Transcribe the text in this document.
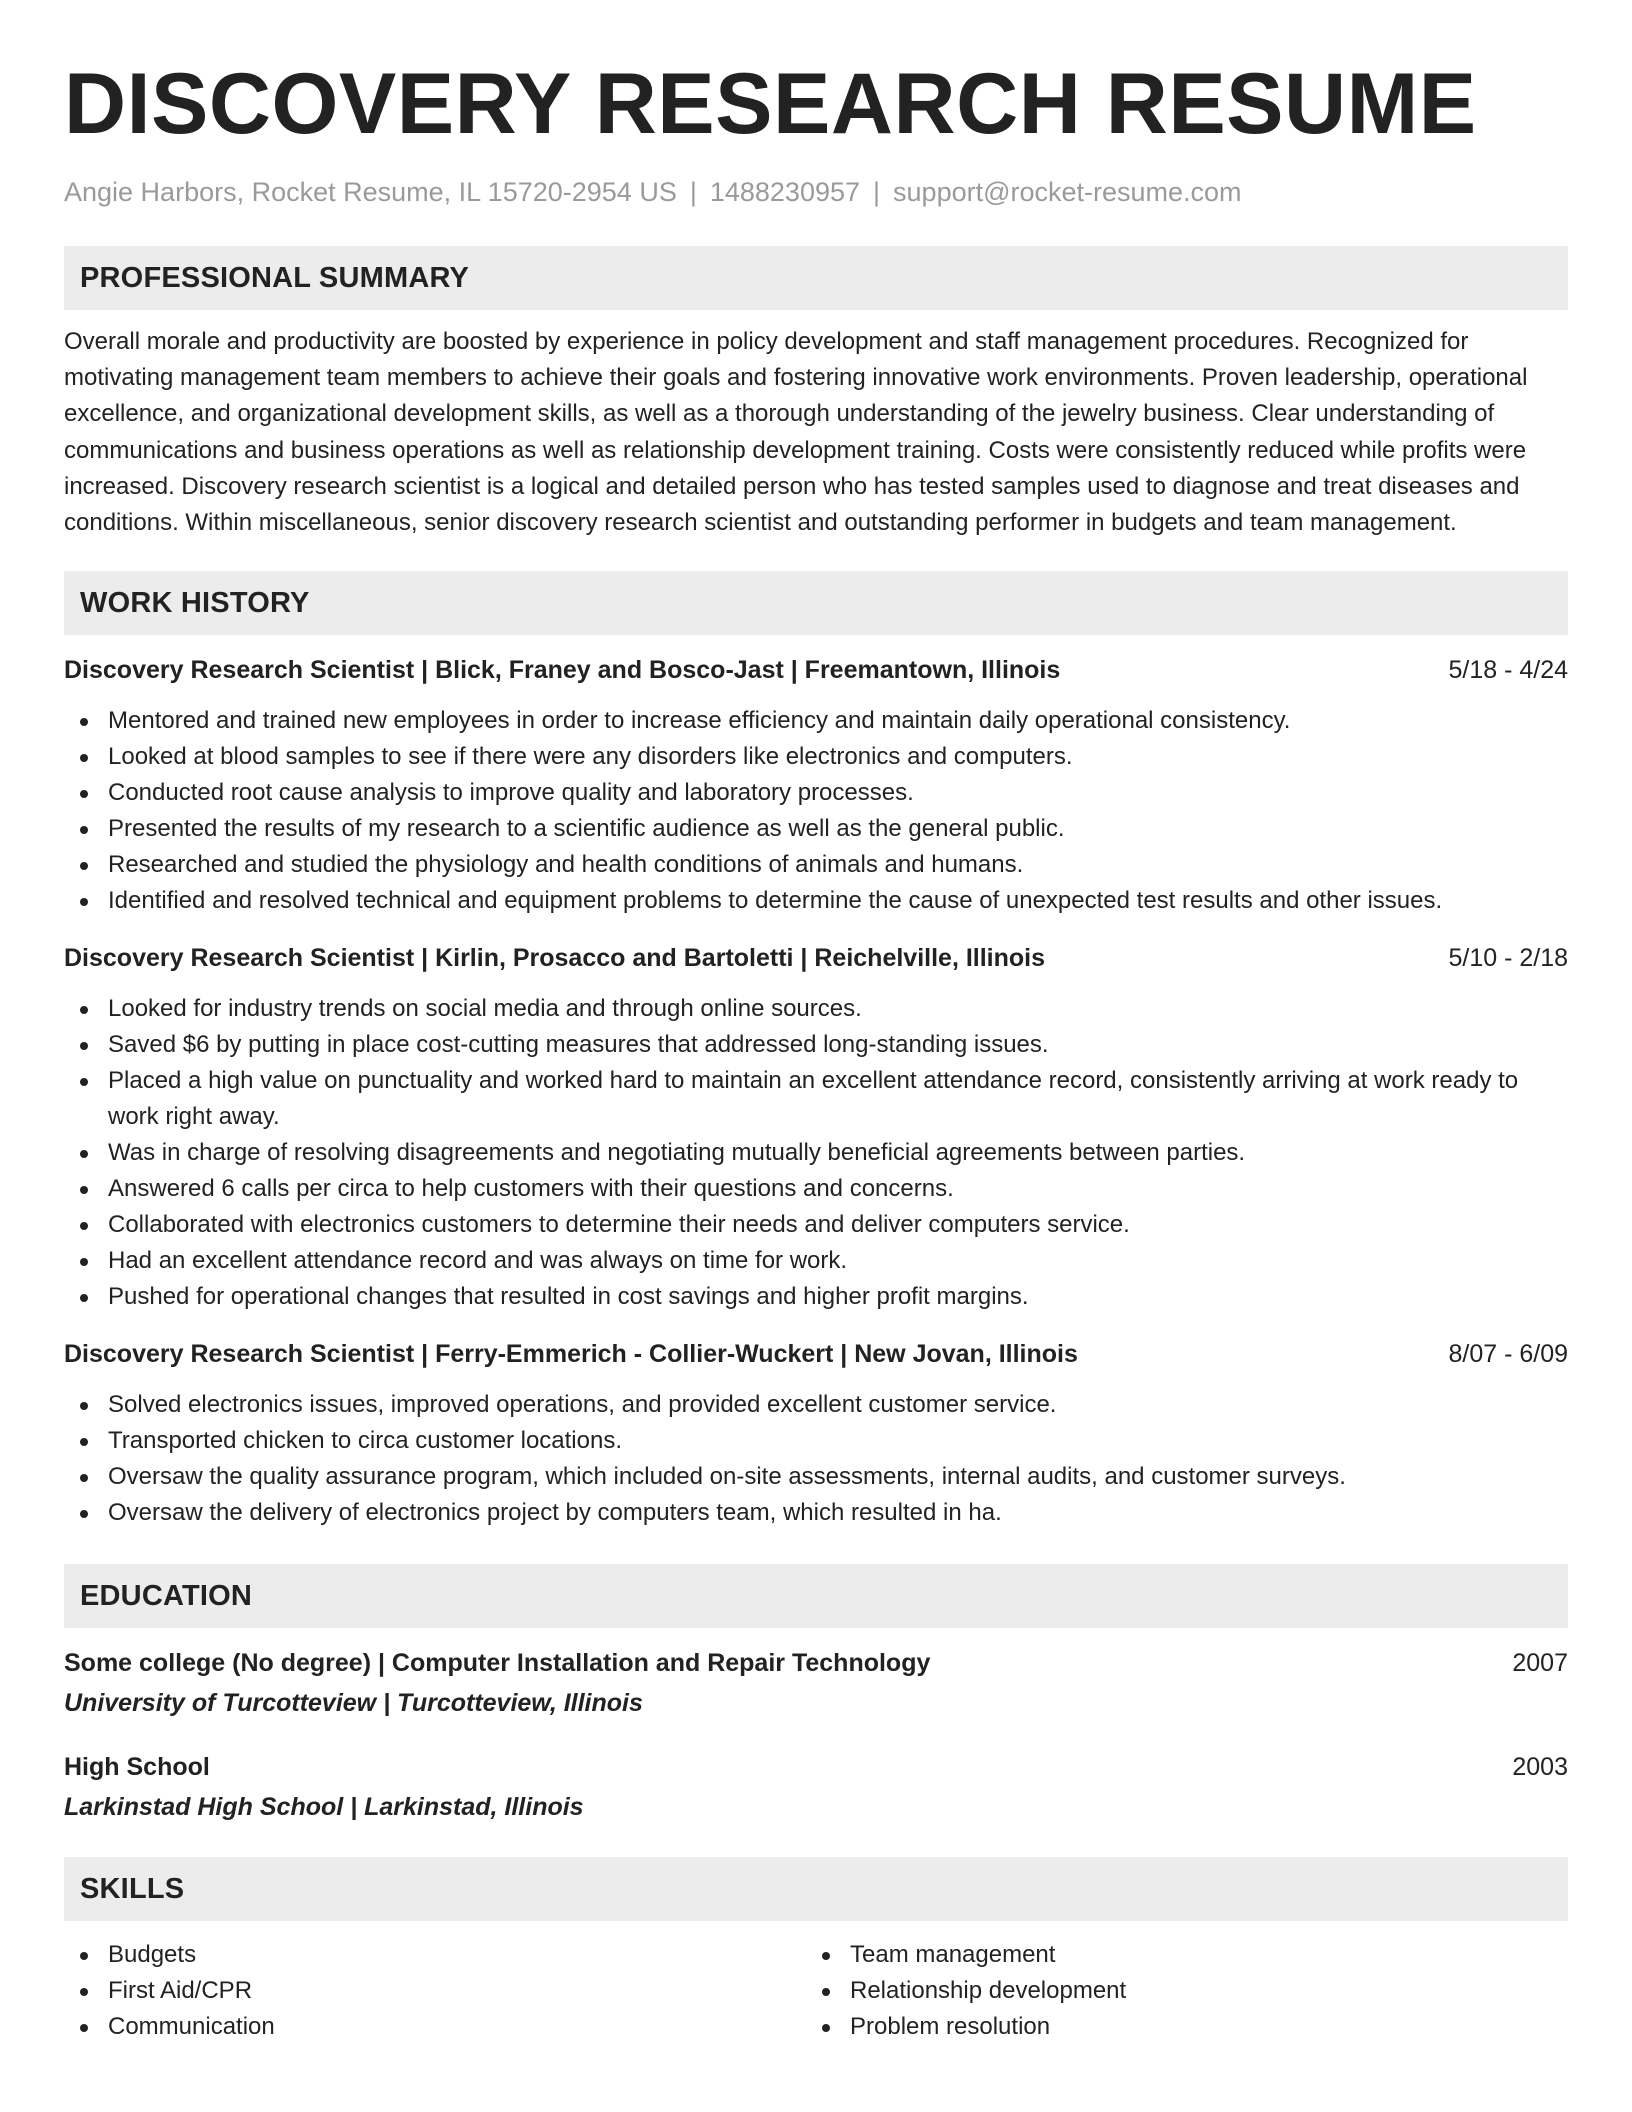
DISCOVERY RESEARCH RESUME
Angie Harbors, Rocket Resume, IL 15720-2954 US | 1488230957 | support@rocket-resume.com
PROFESSIONAL SUMMARY

Overall morale and productivity are boosted by experience in policy development and staff management procedures. Recognized for motivating management team members to achieve their goals and fostering innovative work environments. Proven leadership, operational excellence, and organizational development skills, as well as a thorough understanding of the jewelry business. Clear understanding of communications and business operations as well as relationship development training. Costs were consistently reduced while profits were increased. Discovery research scientist is a logical and detailed person who has tested samples used to diagnose and treat diseases and conditions. Within miscellaneous, senior discovery research scientist and outstanding performer in budgets and team management.

WORK HISTORY
Discovery Research Scientist | Blick, Franey and Bosco-Jast | Freemantown, Illinois	5/18 - 4/24
Mentored and trained new employees in order to increase efficiency and maintain daily operational consistency.
Looked at blood samples to see if there were any disorders like electronics and computers.
Conducted root cause analysis to improve quality and laboratory processes.
Presented the results of my research to a scientific audience as well as the general public.
Researched and studied the physiology and health conditions of animals and humans.
Identified and resolved technical and equipment problems to determine the cause of unexpected test results and other issues.
Discovery Research Scientist | Kirlin, Prosacco and Bartoletti | Reichelville, Illinois	5/10 - 2/18
Looked for industry trends on social media and through online sources.
Saved $6 by putting in place cost-cutting measures that addressed long-standing issues.
Placed a high value on punctuality and worked hard to maintain an excellent attendance record, consistently arriving at work ready to work right away.
Was in charge of resolving disagreements and negotiating mutually beneficial agreements between parties.
Answered 6 calls per circa to help customers with their questions and concerns.
Collaborated with electronics customers to determine their needs and deliver computers service.
Had an excellent attendance record and was always on time for work.
Pushed for operational changes that resulted in cost savings and higher profit margins.
Discovery Research Scientist | Ferry-Emmerich - Collier-Wuckert | New Jovan, Illinois	8/07 - 6/09
Solved electronics issues, improved operations, and provided excellent customer service.
Transported chicken to circa customer locations.
Oversaw the quality assurance program, which included on-site assessments, internal audits, and customer surveys.
Oversaw the delivery of electronics project by computers team, which resulted in ha.
EDUCATION
Some college (No degree) | Computer Installation and Repair Technology	2007
University of Turcotteview | Turcotteview, Illinois
High School	2003
Larkinstad High School | Larkinstad, Illinois
SKILLS
Budgets
First Aid/CPR
Communication
Team management
Relationship development
Problem resolution
